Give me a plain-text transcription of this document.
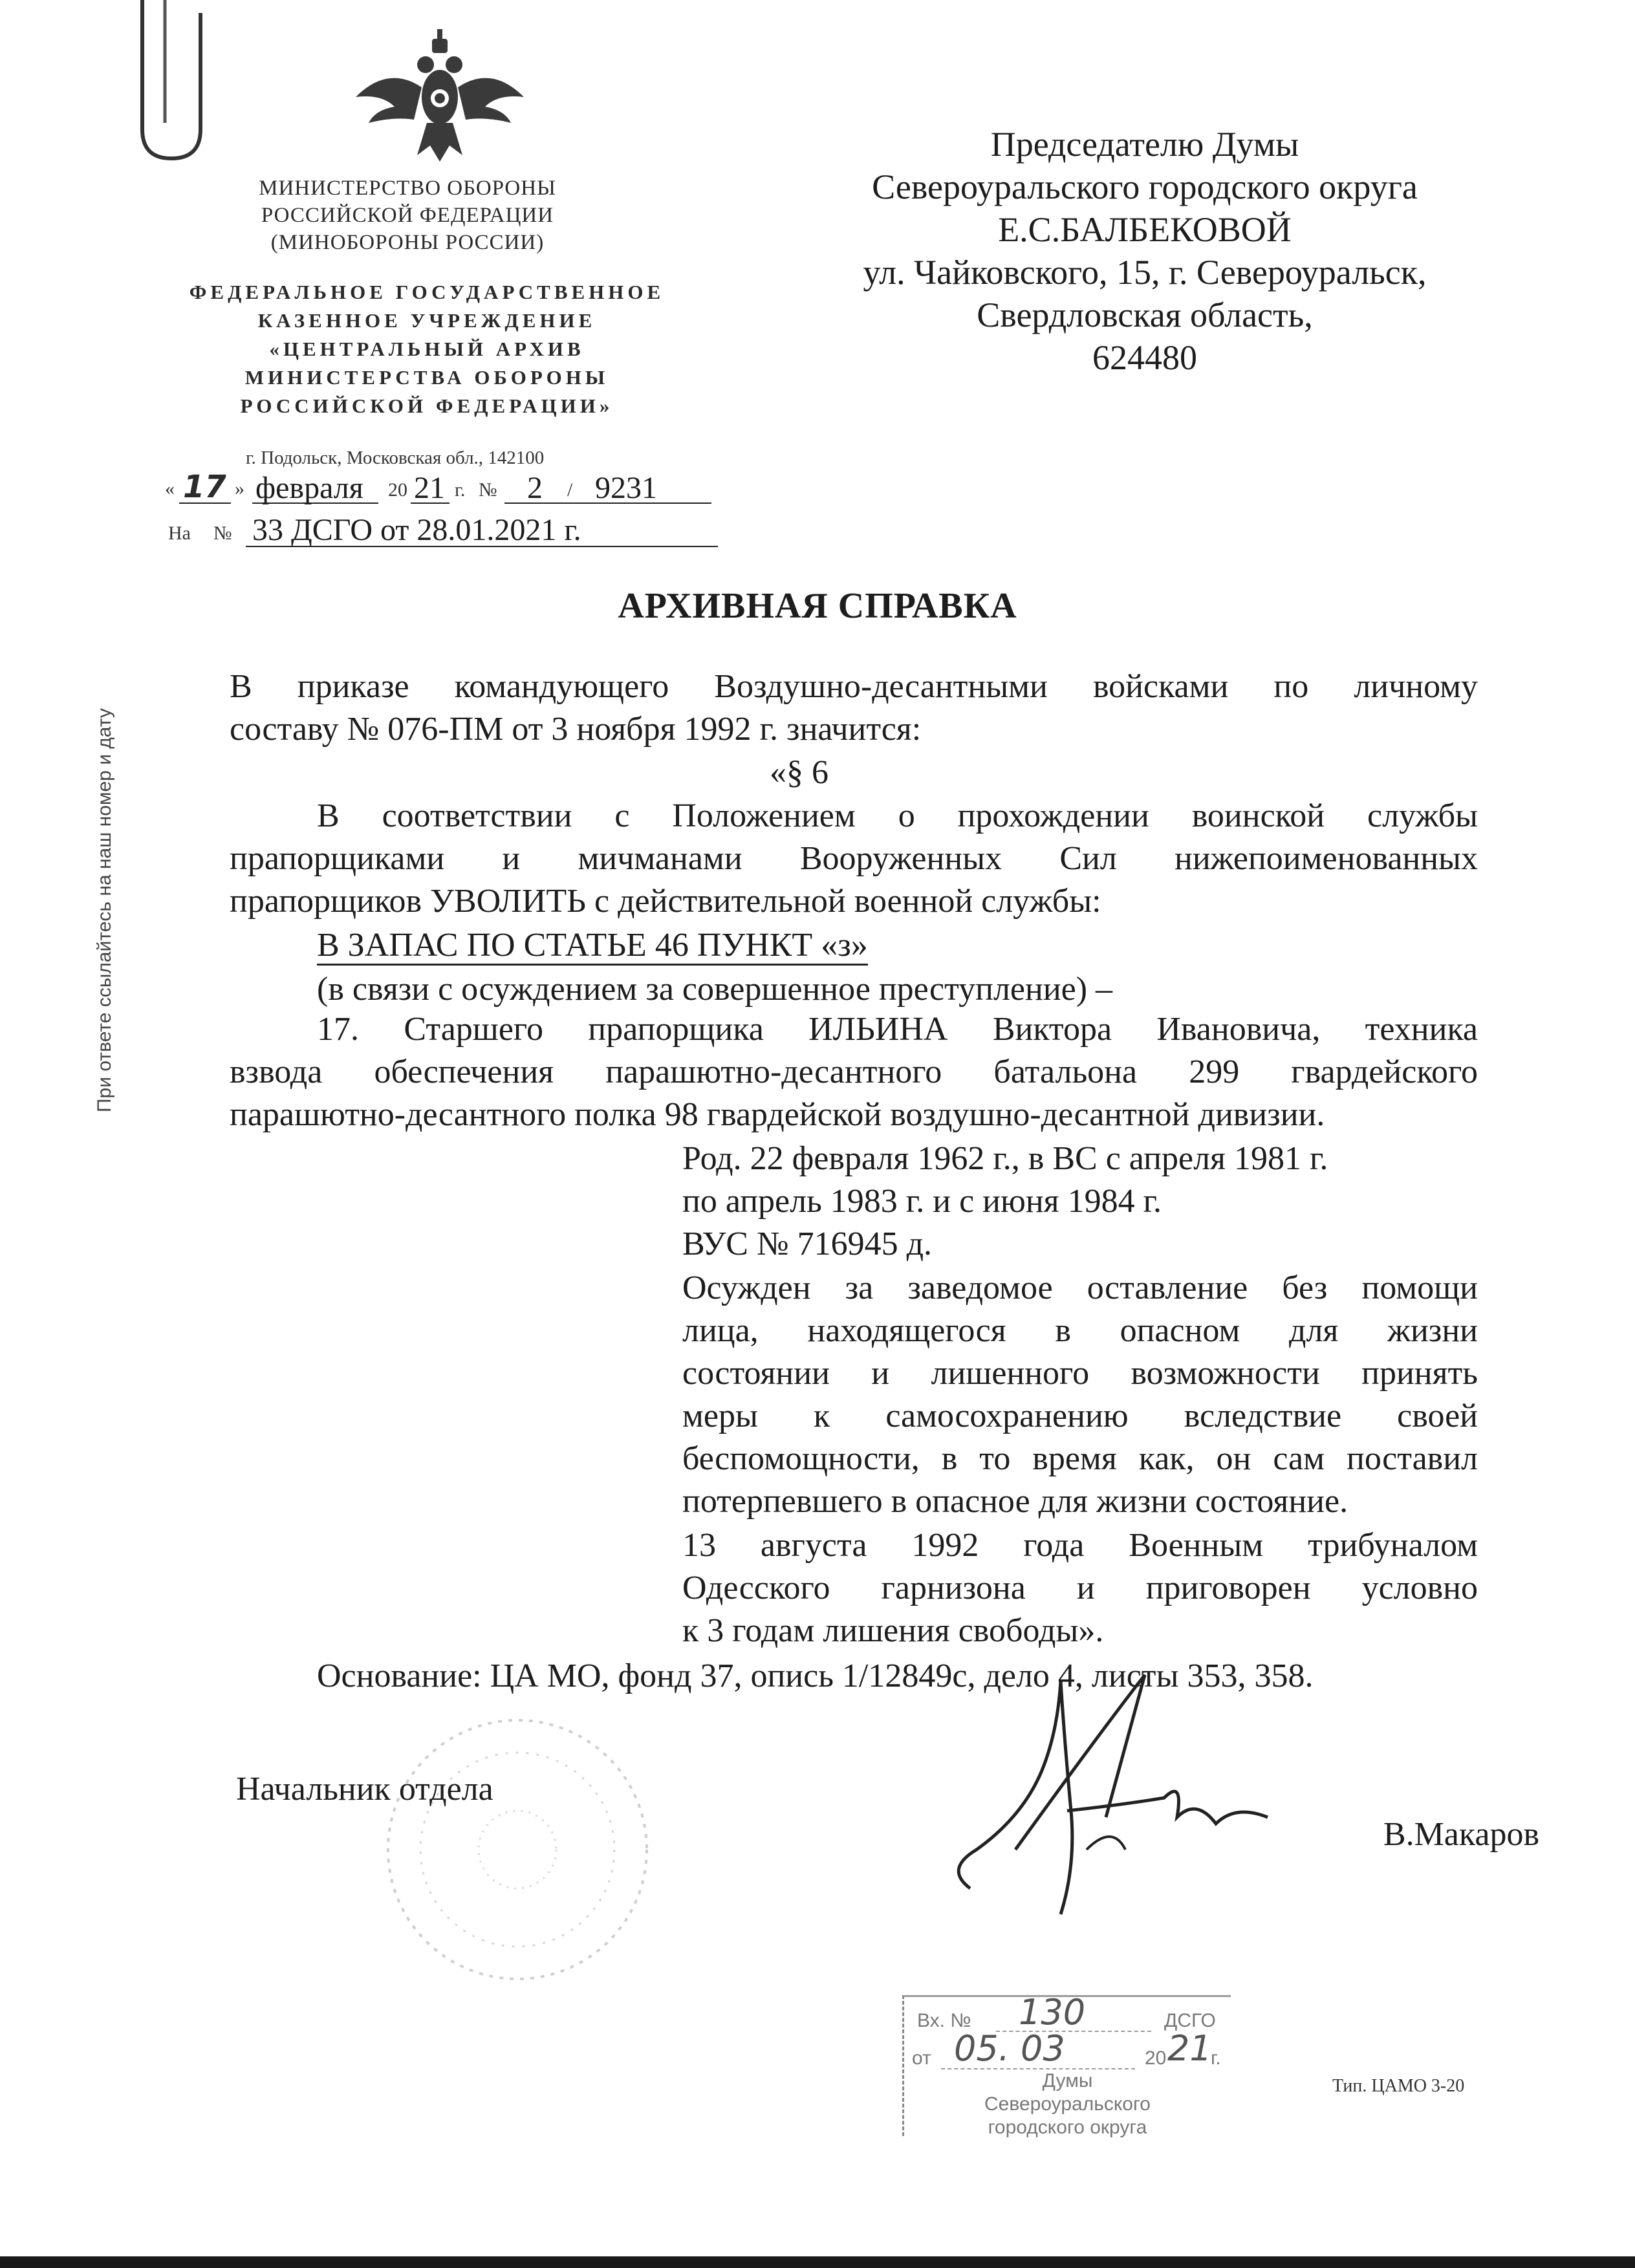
МИНИСТЕРСТВО ОБОРОНЫ
РОССИЙСКОЙ ФЕДЕРАЦИИ
(МИНОБОРОНЫ РОССИИ)
ФЕДЕРАЛЬНОЕ ГОСУДАРСТВЕННОЕ
КАЗЕННОЕ УЧРЕЖДЕНИЕ
«ЦЕНТРАЛЬНЫЙ АРХИВ
МИНИСТЕРСТВА ОБОРОНЫ
РОССИЙСКОЙ ФЕДЕРАЦИИ»
г. Подольск, Московская обл., 142100
« 17 » февраля 20 21 г. № 2 / 9231
На № 33 ДСГО от 28.01.2021 г.
Председателю Думы
Североуральского городского округа
Е.С.БАЛБЕКОВОЙ
ул. Чайковского, 15, г. Североуральск,
Свердловская область,
624480
При ответе ссылайтесь на наш номер и дату
АРХИВНАЯ СПРАВКА
В приказе командующего Воздушно-десантными войсками по личному
составу № 076-ПМ от 3 ноября 1992 г. значится:
«§ 6
В соответствии с Положением о прохождении воинской службы
прапорщиками и мичманами Вооруженных Сил нижепоименованных
прапорщиков УВОЛИТЬ с действительной военной службы:
В ЗАПАС ПО СТАТЬЕ 46 ПУНКТ «з»
(в связи с осуждением за совершенное преступление) –
17. Старшего прапорщика ИЛЬИНА Виктора Ивановича, техника
взвода обеспечения парашютно-десантного батальона 299 гвардейского
парашютно-десантного полка 98 гвардейской воздушно-десантной дивизии.
Род. 22 февраля 1962 г., в ВС с апреля 1981 г.
по апрель 1983 г. и с июня 1984 г.
ВУС № 716945 д.
Осужден за заведомое оставление без помощи
лица, находящегося в опасном для жизни
состоянии и лишенного возможности принять
меры к самосохранению вследствие своей
беспомощности, в то время как, он сам поставил
потерпевшего в опасное для жизни состояние.
13 августа 1992 года Военным трибуналом
Одесского гарнизона и приговорен условно
к 3 годам лишения свободы».
Основание: ЦА МО, фонд 37, опись 1/12849с, дело 4, листы 353, 358.
Начальник отдела
В.Макаров
Вх. № 130	ДСГО
от 05. 03	20 21
г.
Думы
Североуральского
городского округа
Тип. ЦАМО 3-20
